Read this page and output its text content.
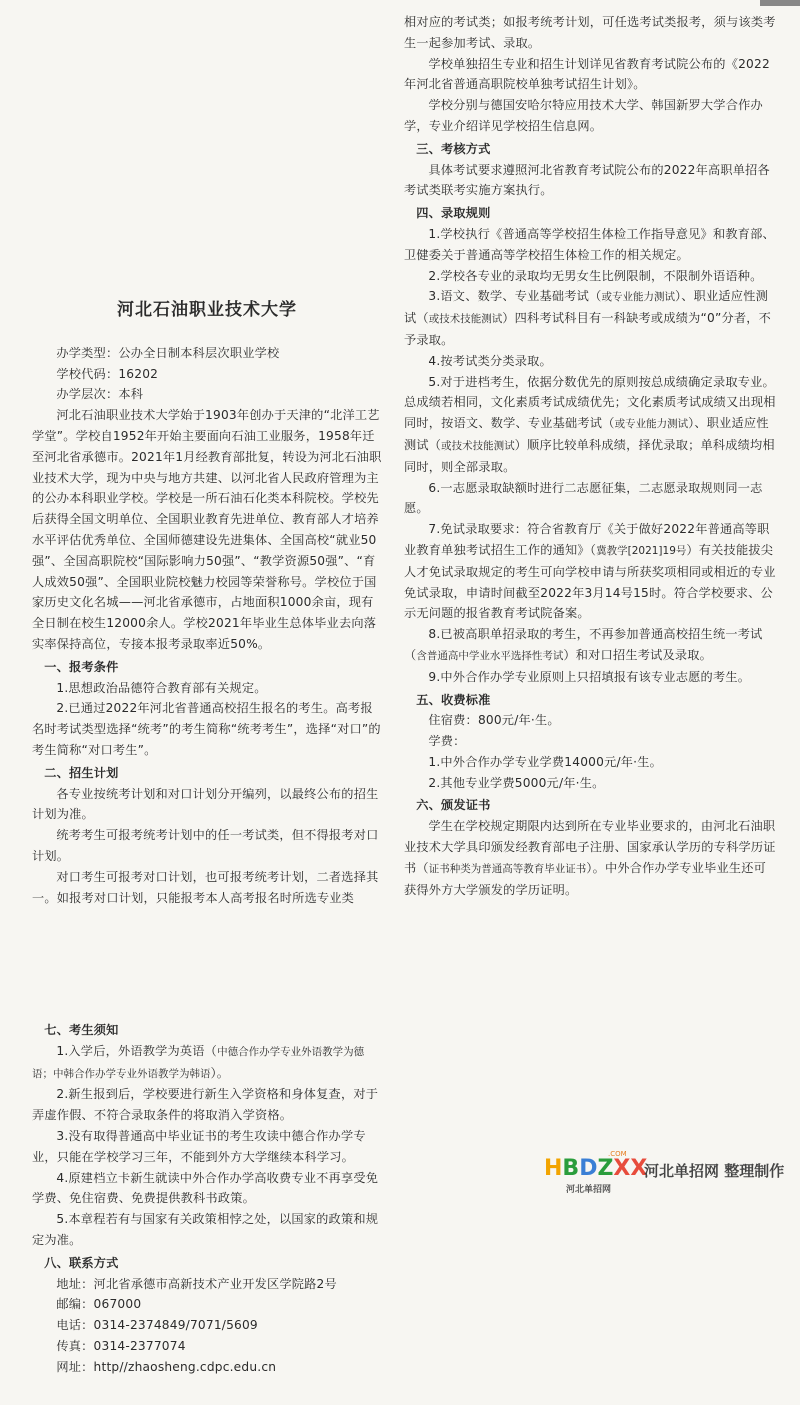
河北石油职业技术大学

办学类型：公办全日制本科层次职业学校

学校代码：16202

办学层次：本科

河北石油职业技术大学始于1903年创办于天津的“北洋工艺学堂”。学校自1952年开始主要面向石油工业服务，1958年迁至河北省承德市。2021年1月经教育部批复，转设为河北石油职业技术大学，现为中央与地方共建、以河北省人民政府管理为主的公办本科职业学校。学校是一所石油石化类本科院校。学校先后获得全国文明单位、全国职业教育先进单位、教育部人才培养水平评估优秀单位、全国师德建设先进集体、全国高校“就业50强”、全国高职院校“国际影响力50强”、“教学资源50强”、“育人成效50强”、全国职业院校魅力校园等荣誉称号。学校位于国家历史文化名城——河北省承德市，占地面积1000余亩，现有全日制在校生12000余人。学校2021年毕业生总体毕业去向落实率保持高位，专接本报考录取率近50%。

一、报考条件

1.思想政治品德符合教育部有关规定。

2.已通过2022年河北省普通高校招生报名的考生。高考报名时考试类型选择“统考”的考生简称“统考考生”，选择“对口”的考生简称“对口考生”。

二、招生计划

各专业按统考计划和对口计划分开编列，以最终公布的招生计划为准。

统考考生可报考统考计划中的任一考试类，但不得报考对口计划。

对口考生可报考对口计划，也可报考统考计划，二者选择其一。如报考对口计划，只能报考本人高考报名时所选专业类

相对应的考试类；如报考统考计划，可任选考试类报考，须与该类考生一起参加考试、录取。

学校单独招生专业和招生计划详见省教育考试院公布的《2022年河北省普通高职院校单独考试招生计划》。

学校分别与德国安哈尔特应用技术大学、韩国新罗大学合作办学，专业介绍详见学校招生信息网。

三、考核方式

具体考试要求遵照河北省教育考试院公布的2022年高职单招各考试类联考实施方案执行。

四、录取规则

1.学校执行《普通高等学校招生体检工作指导意见》和教育部、卫健委关于普通高等学校招生体检工作的相关规定。

2.学校各专业的录取均无男女生比例限制，不限制外语语种。

3.语文、数学、专业基础考试（或专业能力测试）、职业适应性测试（或技术技能测试）四科考试科目有一科缺考或成绩为“0”分者，不予录取。

4.按考试类分类录取。

5.对于进档考生，依据分数优先的原则按总成绩确定录取专业。总成绩若相同，文化素质考试成绩优先；文化素质考试成绩又出现相同时，按语文、数学、专业基础考试（或专业能力测试）、职业适应性测试（或技术技能测试）顺序比较单科成绩，择优录取；单科成绩均相同时，则全部录取。

6.一志愿录取缺额时进行二志愿征集，二志愿录取规则同一志愿。

7.免试录取要求：符合省教育厅《关于做好2022年普通高等职业教育单独考试招生工作的通知》（冀教学[2021]19号）有关技能拔尖人才免试录取规定的考生可向学校申请与所获奖项相同或相近的专业免试录取，申请时间截至2022年3月14号15时。符合学校要求、公示无问题的报省教育考试院备案。

8.已被高职单招录取的考生，不再参加普通高校招生统一考试（含普通高中学业水平选择性考试）和对口招生考试及录取。

9.中外合作办学专业原则上只招填报有该专业志愿的考生。

五、收费标准

住宿费：800元/年·生。

学费：

1.中外合作办学专业学费14000元/年·生。

2.其他专业学费5000元/年·生。

六、颁发证书

学生在学校规定期限内达到所在专业毕业要求的，由河北石油职业技术大学具印颁发经教育部电子注册、国家承认学历的专科学历证书（证书种类为普通高等教育毕业证书）。中外合作办学专业毕业生还可获得外方大学颁发的学历证明。

七、考生须知

1.入学后，外语教学为英语（中德合作办学专业外语教学为德语；中韩合作办学专业外语教学为韩语）。

2.新生报到后，学校要进行新生入学资格和身体复查，对于弄虚作假、不符合录取条件的将取消入学资格。

3.没有取得普通高中毕业证书的考生攻读中德合作办学专业，只能在学校学习三年，不能到外方大学继续本科学习。

4.原建档立卡新生就读中外合作办学高收费专业不再享受免学费、免住宿费、免费提供教科书政策。

5.本章程若有与国家有关政策相悖之处，以国家的政策和规定为准。

八、联系方式

地址：河北省承德市高新技术产业开发区学院路2号

邮编：067000

电话：0314-2374849/7071/5609

传真：0314-2377074

网址：http//zhaosheng.cdpc.edu.cn

.COM
HBDZXX
河北单招网
河北单招网 整理制作
